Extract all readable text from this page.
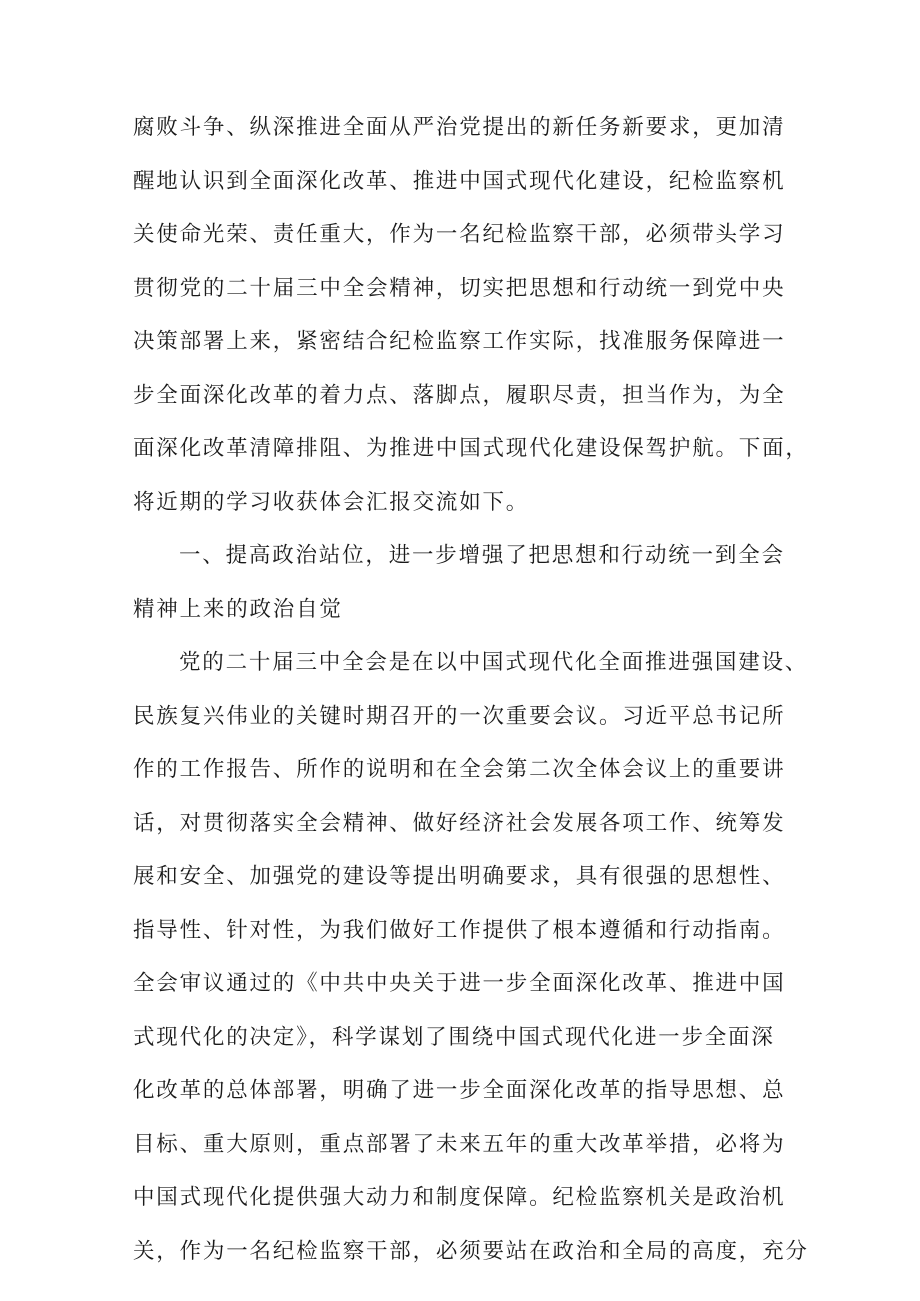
腐败斗争、纵深推进全面从严治党提出的新任务新要求，更加清
醒地认识到全面深化改革、推进中国式现代化建设，纪检监察机
关使命光荣、责任重大，作为一名纪检监察干部，必须带头学习
贯彻党的二十届三中全会精神，切实把思想和行动统一到党中央
决策部署上来，紧密结合纪检监察工作实际，找准服务保障进一
步全面深化改革的着力点、落脚点，履职尽责，担当作为，为全
面深化改革清障排阻、为推进中国式现代化建设保驾护航。下面，
将近期的学习收获体会汇报交流如下。
一、提高政治站位，进一步增强了把思想和行动统一到全会
精神上来的政治自觉
党的二十届三中全会是在以中国式现代化全面推进强国建设、
民族复兴伟业的关键时期召开的一次重要会议。习近平总书记所
作的工作报告、所作的说明和在全会第二次全体会议上的重要讲
话，对贯彻落实全会精神、做好经济社会发展各项工作、统筹发
展和安全、加强党的建设等提出明确要求，具有很强的思想性、
指导性、针对性，为我们做好工作提供了根本遵循和行动指南。
全会审议通过的《中共中央关于进一步全面深化改革、推进中国
式现代化的决定》，科学谋划了围绕中国式现代化进一步全面深
化改革的总体部署，明确了进一步全面深化改革的指导思想、总
目标、重大原则，重点部署了未来五年的重大改革举措，必将为
中国式现代化提供强大动力和制度保障。纪检监察机关是政治机
关，作为一名纪检监察干部，必须要站在政治和全局的高度，充分
